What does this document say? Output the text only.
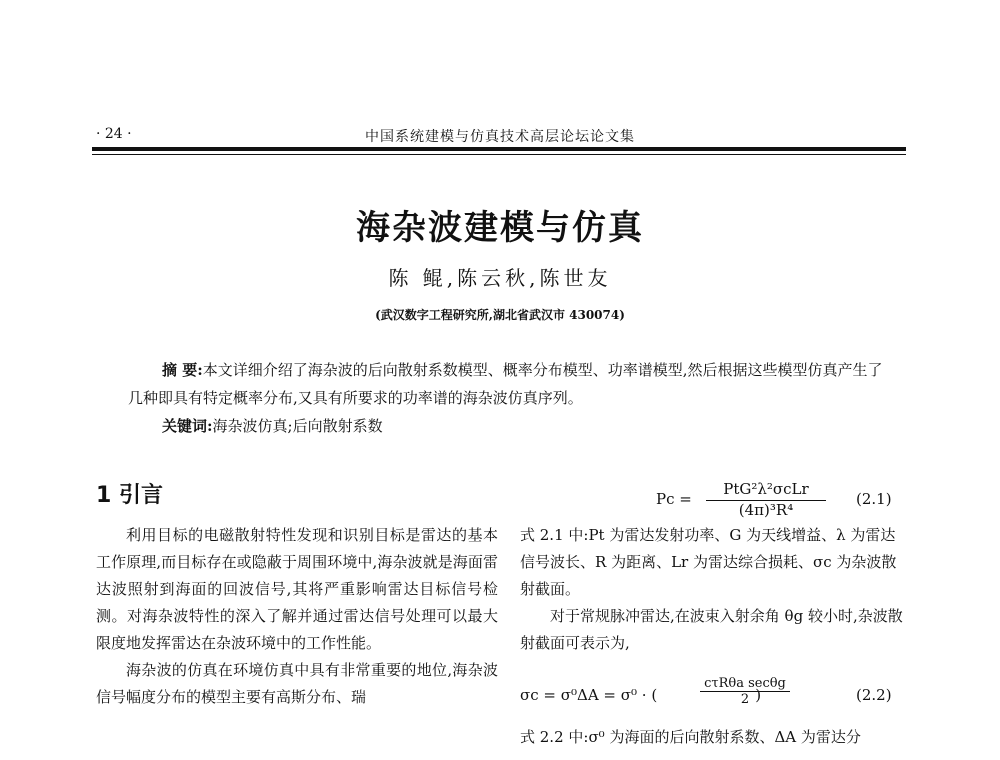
· 24 ·	中国系统建模与仿真技术高层论坛论文集
海杂波建模与仿真
陈 鲲,陈云秋,陈世友
(武汉数字工程研究所,湖北省武汉市 430074)

摘 要:本文详细介绍了海杂波的后向散射系数模型、概率分布模型、功率谱模型,然后根据这些模型仿真产生了几种即具有特定概率分布,又具有所要求的功率谱的海杂波仿真序列。

关键词:海杂波仿真;后向散射系数

1 引言

利用目标的电磁散射特性发现和识别目标是雷达的基本工作原理,而目标存在或隐蔽于周围环境中,海杂波就是海面雷达波照射到海面的回波信号,其将严重影响雷达目标信号检测。对海杂波特性的深入了解并通过雷达信号处理可以最大限度地发挥雷达在杂波环境中的工作性能。

海杂波的仿真在环境仿真中具有非常重要的地位,海杂波信号幅度分布的模型主要有高斯分布、瑞

Pc =
PtG²λ²σcLr
(4π)³R⁴
(2.1)

式 2.1 中:Pt 为雷达发射功率、G 为天线增益、λ 为雷达信号波长、R 为距离、Lr 为雷达综合损耗、σc 为杂波散射截面。

对于常规脉冲雷达,在波束入射余角 θg 较小时,杂波散射截面可表示为,

σc = σ⁰ΔA = σ⁰ · (	)
cτRθa secθg
2	(2.2)
式 2.2 中:σ⁰ 为海面的后向散射系数、ΔA 为雷达分
